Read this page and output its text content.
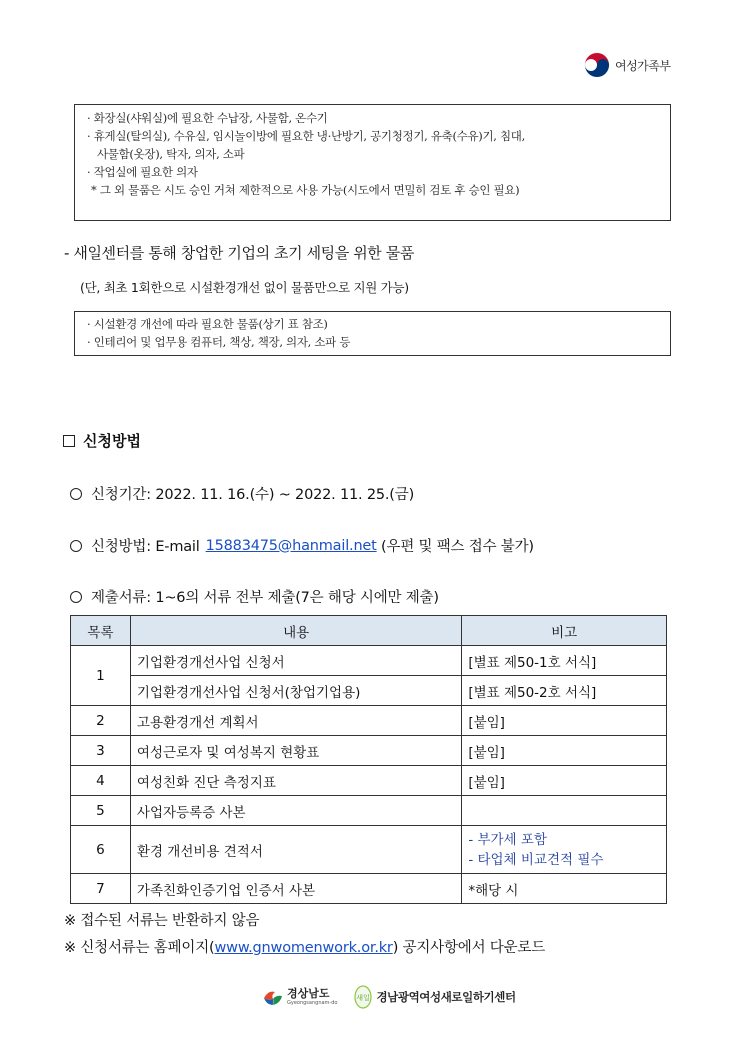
여성가족부
· 화장실(샤워실)에 필요한 수납장, 사물함, 온수기
· 휴게실(탈의실), 수유실, 임시놀이방에 필요한 냉·난방기, 공기청정기, 유축(수유)기, 침대,
사물함(옷장), 탁자, 의자, 소파
· 작업실에 필요한 의자
* 그 외 물품은 시도 승인 거쳐 제한적으로 사용 가능(시도에서 면밀히 검토 후 승인 필요)
- 새일센터를 통해 창업한 기업의 초기 세팅을 위한 물품
(단, 최초 1회한으로 시설환경개선 없이 물품만으로 지원 가능)
· 시설환경 개선에 따라 필요한 물품(상기 표 참조)
· 인테리어 및 업무용 컴퓨터, 책상, 책장, 의자, 소파 등
신청방법
신청기간: 2022. 11. 16.(수) ~ 2022. 11. 25.(금)
신청방법: E-mail 15883475@hanmail.net (우편 및 팩스 접수 불가)
제출서류: 1~6의 서류 전부 제출(7은 해당 시에만 제출)
목록	내용	비고
1	기업환경개선사업 신청서	[별표 제50-1호 서식]
	기업환경개선사업 신청서(창업기업용)	[별표 제50-2호 서식]
2	고용환경개선 계획서	[붙임]
3	여성근로자 및 여성복지 현황표	[붙임]
4	여성친화 진단 측정지표	[붙임]
5	사업자등록증 사본	
6	환경 개선비용 견적서	- 부가세 포함
- 타업체 비교견적 필수

7	가족친화인증기업 인증서 사본	*해당 시
※ 접수된 서류는 반환하지 않음
※ 신청서류는 홈페이지(www.gnwomenwork.or.kr) 공지사항에서 다운로드
경상남도
Gyeongsangnam-do
새일 경남광역여성새로일하기센터
